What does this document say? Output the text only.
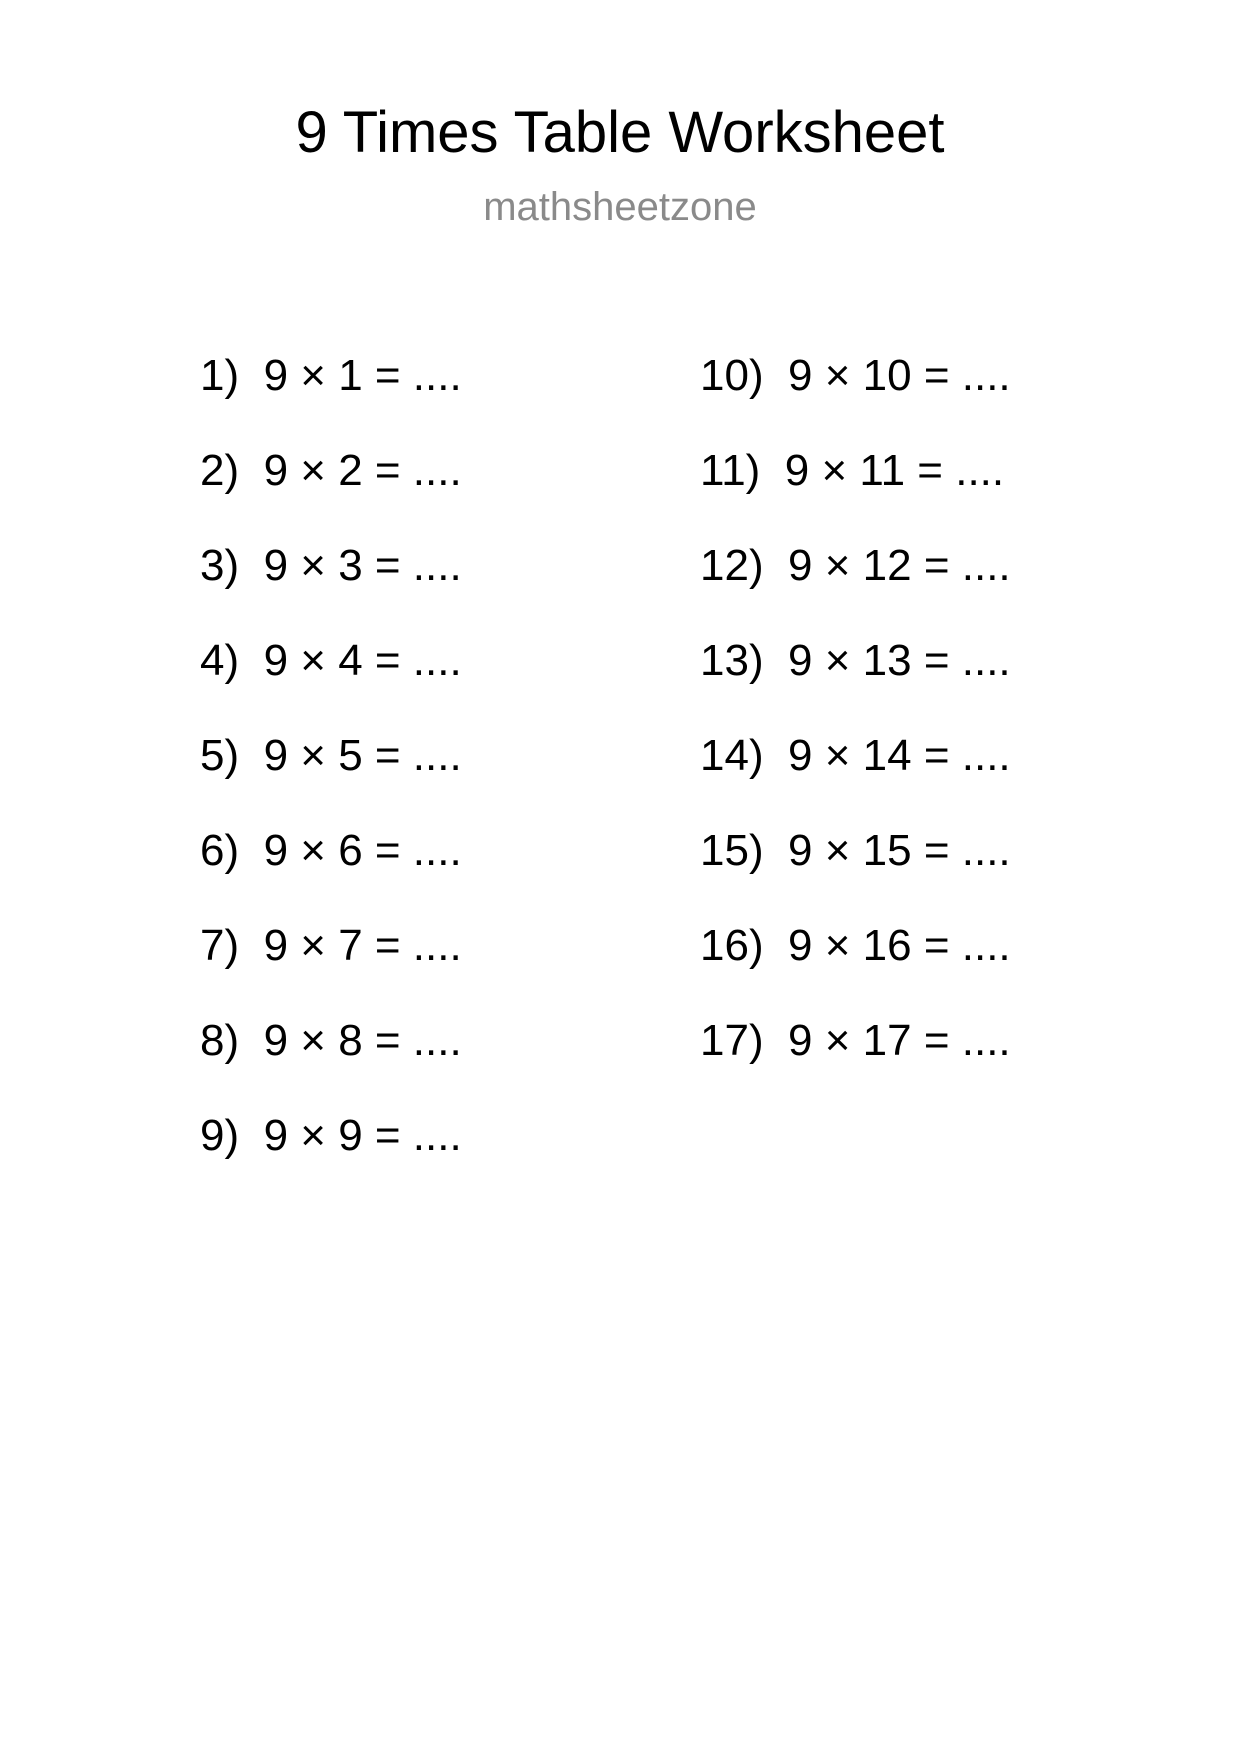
9 Times Table Worksheet
mathsheetzone
1)  9 × 1 = ....
2)  9 × 2 = ....
3)  9 × 3 = ....
4)  9 × 4 = ....
5)  9 × 5 = ....
6)  9 × 6 = ....
7)  9 × 7 = ....
8)  9 × 8 = ....
9)  9 × 9 = ....
10)  9 × 10 = ....
11)  9 × 11 = ....
12)  9 × 12 = ....
13)  9 × 13 = ....
14)  9 × 14 = ....
15)  9 × 15 = ....
16)  9 × 16 = ....
17)  9 × 17 = ....
